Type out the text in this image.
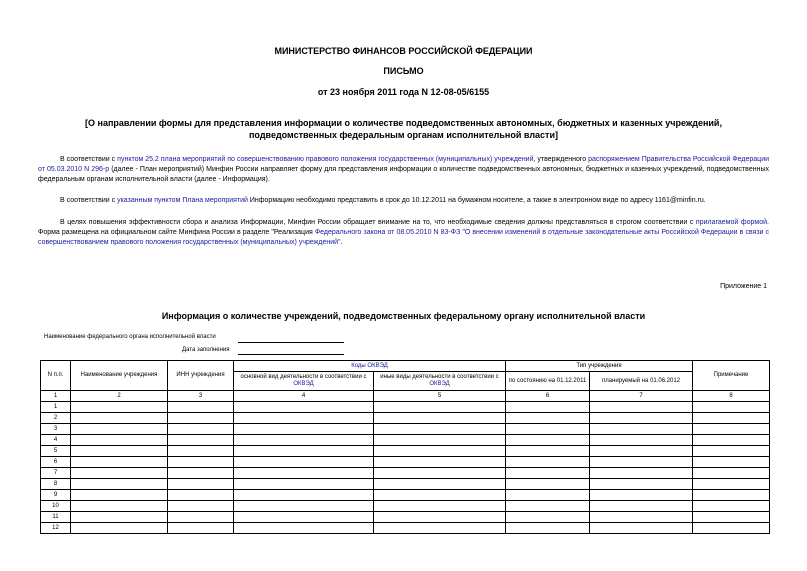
МИНИСТЕРСТВО ФИНАНСОВ РОССИЙСКОЙ ФЕДЕРАЦИИ
ПИСЬМО
от 23 ноября 2011 года N 12-08-05/6155
[О направлении формы для представления информации о количестве подведомственных автономных, бюджетных и казенных учреждений, подведомственных федеральным органам исполнительной власти]
В соответствии с пунктом 25.2 плана мероприятий по совершенствованию правового положения государственных (муниципальных) учреждений, утвержденного распоряжением Правительства Российской Федерации от 05.03.2010 N 296-р (далее - План мероприятий) Минфин России направляет форму для представления информации о количестве подведомственных автономных, бюджетных и казенных учреждений, подведомственных федеральным органам исполнительной власти (далее - Информация).
В соответствии с указанным пунктом Плана мероприятий Информацию необходимо представить в срок до 10.12.2011 на бумажном носителе, а также в электронном виде по адресу 1161@minfin.ru.
В целях повышения эффективности сбора и анализа Информации, Минфин России обращает внимание на то, что необходимые сведения должны представляться в строгом соответствии с прилагаемой формой. Форма размещена на официальном сайте Минфина России в разделе "Реализация Федерального закона от 08.05.2010 N 83-ФЗ "О внесении изменений в отдельные законодательные акты Российской Федерации в связи с совершенствованием правового положения государственных (муниципальных) учреждений".
Приложение 1
Информация о количестве учреждений, подведомственных федеральному органу исполнительной власти
Наименование федерального органа исполнительной власти
Дата заполнения
N п.п.	Наименование учреждения	ИНН учреждения	Коды ОКВЭД		Тип учреждения		Примечание
			основной вид деятельности в соответствии с ОКВЭД	иные виды деятельности в соответствии с ОКВЭД	по состоянию на 01.12.2011	планируемый на 01.06.2012	
1	2	3	4	5	6	7	8
1							
2							
3							
4							
5							
6							
7							
8							
9							
10							
11							
12							
